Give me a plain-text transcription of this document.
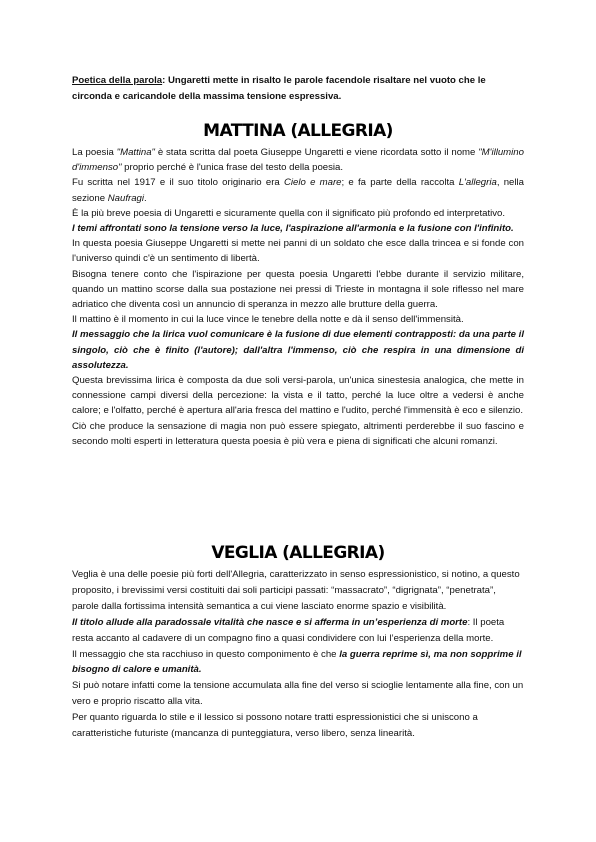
Poetica della parola: Ungaretti mette in risalto le parole facendole risaltare nel vuoto che le circonda e caricandole della massima tensione espressiva.

MATTINA (ALLEGRIA)

La poesia "Mattina" è stata scritta dal poeta Giuseppe Ungaretti e viene ricordata sotto il nome "M'illumino d'immenso" proprio perché è l'unica frase del testo della poesia.

Fu scritta nel 1917 e il suo titolo originario era Cielo e mare; e fa parte della raccolta L'allegria, nella sezione Naufragi.

È la più breve poesia di Ungaretti e sicuramente quella con il significato più profondo ed interpretativo.

I temi affrontati sono la tensione verso la luce, l'aspirazione all'armonia e la fusione con l'infinito.

In questa poesia Giuseppe Ungaretti si mette nei panni di un soldato che esce dalla trincea e si fonde con l'universo quindi c'è un sentimento di libertà.

Bisogna tenere conto che l'ispirazione per questa poesia Ungaretti l'ebbe durante il servizio militare, quando un mattino scorse dalla sua postazione nei pressi di Trieste in montagna il sole riflesso nel mare adriatico che diventa così un annuncio di speranza in mezzo alle brutture della guerra.

Il mattino è il momento in cui la luce vince le tenebre della notte e dà il senso dell'immensità.

Il messaggio che la lirica vuol comunicare è la fusione di due elementi contrapposti: da una parte il singolo, ciò che è finito (l'autore); dall'altra l'immenso, ciò che respira in una dimensione di assolutezza.

Questa brevissima lirica è composta da due soli versi-parola, un'unica sinestesia analogica, che mette in connessione campi diversi della percezione: la vista e il tatto, perché la luce oltre a vedersi è anche calore; e l'olfatto, perché è apertura all'aria fresca del mattino e l'udito, perché l'immensità è eco e silenzio.

Ciò che produce la sensazione di magia non può essere spiegato, altrimenti perderebbe il suo fascino e secondo molti esperti in letteratura questa poesia è più vera e piena di significati che alcuni romanzi.

VEGLIA (ALLEGRIA)

Veglia è una delle poesie più forti dell'Allegria, caratterizzato in senso espressionistico, si notino, a questo proposito, i brevissimi versi costituiti dai soli participi passati: “massacrato”, “digrignata”, “penetrata”, parole dalla fortissima intensità semantica a cui viene lasciato enorme spazio e visibilità.

Il titolo allude alla paradossale vitalità che nasce e si afferma in un’esperienza di morte: Il poeta resta accanto al cadavere di un compagno fino a quasi condividere con lui l’esperienza della morte.

Il messaggio che sta racchiuso in questo componimento è che la guerra reprime sì, ma non sopprime il bisogno di calore e umanità.

Si può notare infatti come la tensione accumulata alla fine del verso si scioglie lentamente alla fine, con un vero e proprio riscatto alla vita.

Per quanto riguarda lo stile e il lessico si possono notare tratti espressionistici che si uniscono a caratteristiche futuriste (mancanza di punteggiatura, verso libero, senza linearità.
